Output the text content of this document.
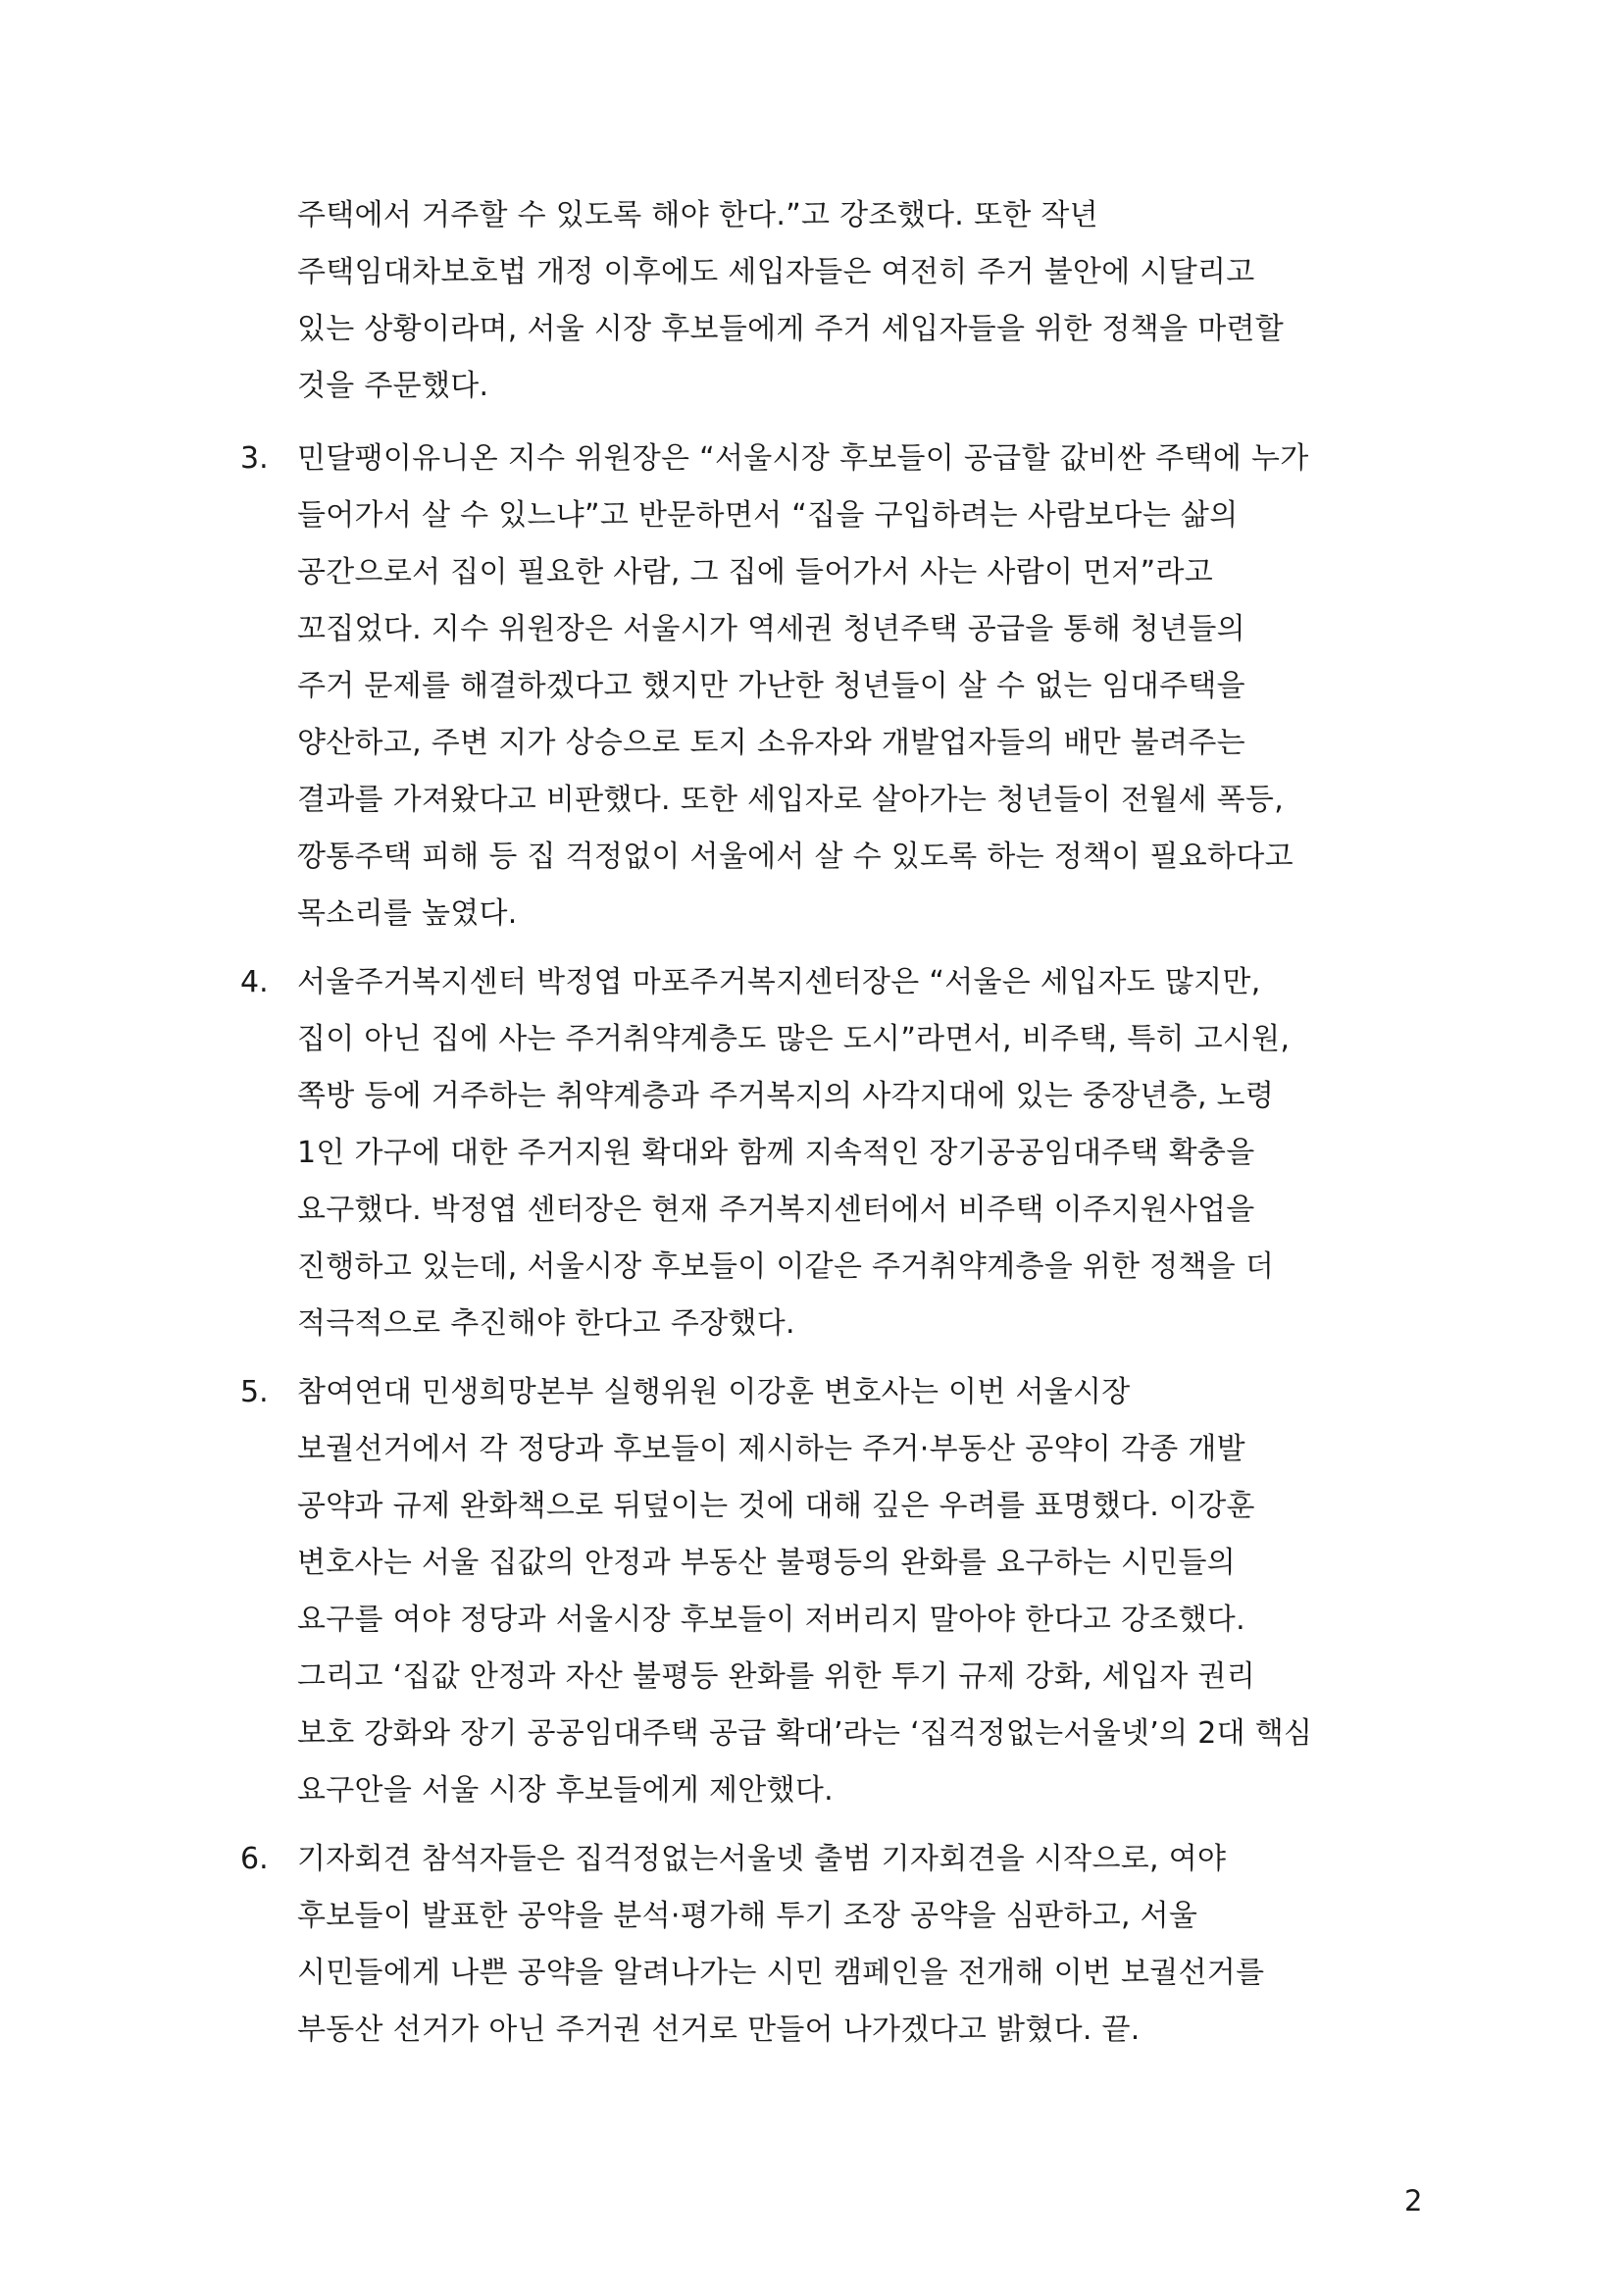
주택에서 거주할 수 있도록 해야 한다.”고 강조했다. 또한 작년
주택임대차보호법 개정 이후에도 세입자들은 여전히 주거 불안에 시달리고
있는 상황이라며, 서울 시장 후보들에게 주거 세입자들을 위한 정책을 마련할
것을 주문했다.
3. 민달팽이유니온 지수 위원장은 “서울시장 후보들이 공급할 값비싼 주택에 누가
들어가서 살 수 있느냐”고 반문하면서 “집을 구입하려는 사람보다는 삶의
공간으로서 집이 필요한 사람, 그 집에 들어가서 사는 사람이 먼저”라고
꼬집었다. 지수 위원장은 서울시가 역세권 청년주택 공급을 통해 청년들의
주거 문제를 해결하겠다고 했지만 가난한 청년들이 살 수 없는 임대주택을
양산하고, 주변 지가 상승으로 토지 소유자와 개발업자들의 배만 불려주는
결과를 가져왔다고 비판했다. 또한 세입자로 살아가는 청년들이 전월세 폭등,
깡통주택 피해 등 집 걱정없이 서울에서 살 수 있도록 하는 정책이 필요하다고
목소리를 높였다.
4. 서울주거복지센터 박정엽 마포주거복지센터장은 “서울은 세입자도 많지만,
집이 아닌 집에 사는 주거취약계층도 많은 도시”라면서, 비주택, 특히 고시원,
쪽방 등에 거주하는 취약계층과 주거복지의 사각지대에 있는 중장년층, 노령
1인 가구에 대한 주거지원 확대와 함께 지속적인 장기공공임대주택 확충을
요구했다. 박정엽 센터장은 현재 주거복지센터에서 비주택 이주지원사업을
진행하고 있는데, 서울시장 후보들이 이같은 주거취약계층을 위한 정책을 더
적극적으로 추진해야 한다고 주장했다.
5. 참여연대 민생희망본부 실행위원 이강훈 변호사는 이번 서울시장
보궐선거에서 각 정당과 후보들이 제시하는 주거·부동산 공약이 각종 개발
공약과 규제 완화책으로 뒤덮이는 것에 대해 깊은 우려를 표명했다. 이강훈
변호사는 서울 집값의 안정과 부동산 불평등의 완화를 요구하는 시민들의
요구를 여야 정당과 서울시장 후보들이 저버리지 말아야 한다고 강조했다.
그리고 ‘집값 안정과 자산 불평등 완화를 위한 투기 규제 강화, 세입자 권리
보호 강화와 장기 공공임대주택 공급 확대’라는 ‘집걱정없는서울넷’의 2대 핵심
요구안을 서울 시장 후보들에게 제안했다.
6. 기자회견 참석자들은 집걱정없는서울넷 출범 기자회견을 시작으로, 여야
후보들이 발표한 공약을 분석·평가해 투기 조장 공약을 심판하고, 서울
시민들에게 나쁜 공약을 알려나가는 시민 캠페인을 전개해 이번 보궐선거를
부동산 선거가 아닌 주거권 선거로 만들어 나가겠다고 밝혔다. 끝.
2
